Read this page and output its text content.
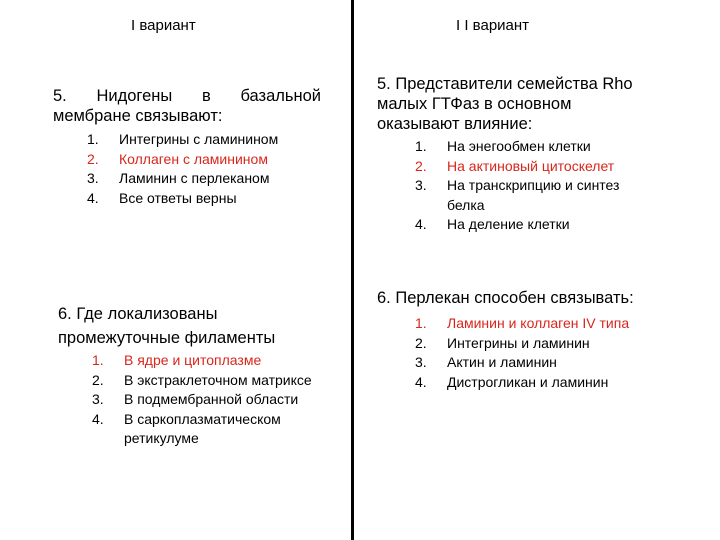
I вариант
5. Нидогены в базальной
мембране связывают:
1. Интегрины с ламинином
2. Коллаген с ламинином
3. Ламинин с перлеканом
4. Все ответы верны
6. Где локализованы
промежуточные филаменты
1. В ядре и цитоплазме
2. В экстраклеточном матриксе
3. В подмембранной области
4. В саркоплазматическом ретикулуме
I I вариант
5. Представители семейства Rho
малых ГТФаз в основном
оказывают влияние:
1. На энегообмен клетки
2. На актиновый цитоскелет
3. На транскрипцию и синтез белка
4. На деление клетки
6. Перлекан способен связывать:
1. Ламинин и коллаген IV типа
2. Интегрины и ламинин
3. Актин и ламинин
4. Дистрогликан и ламинин
